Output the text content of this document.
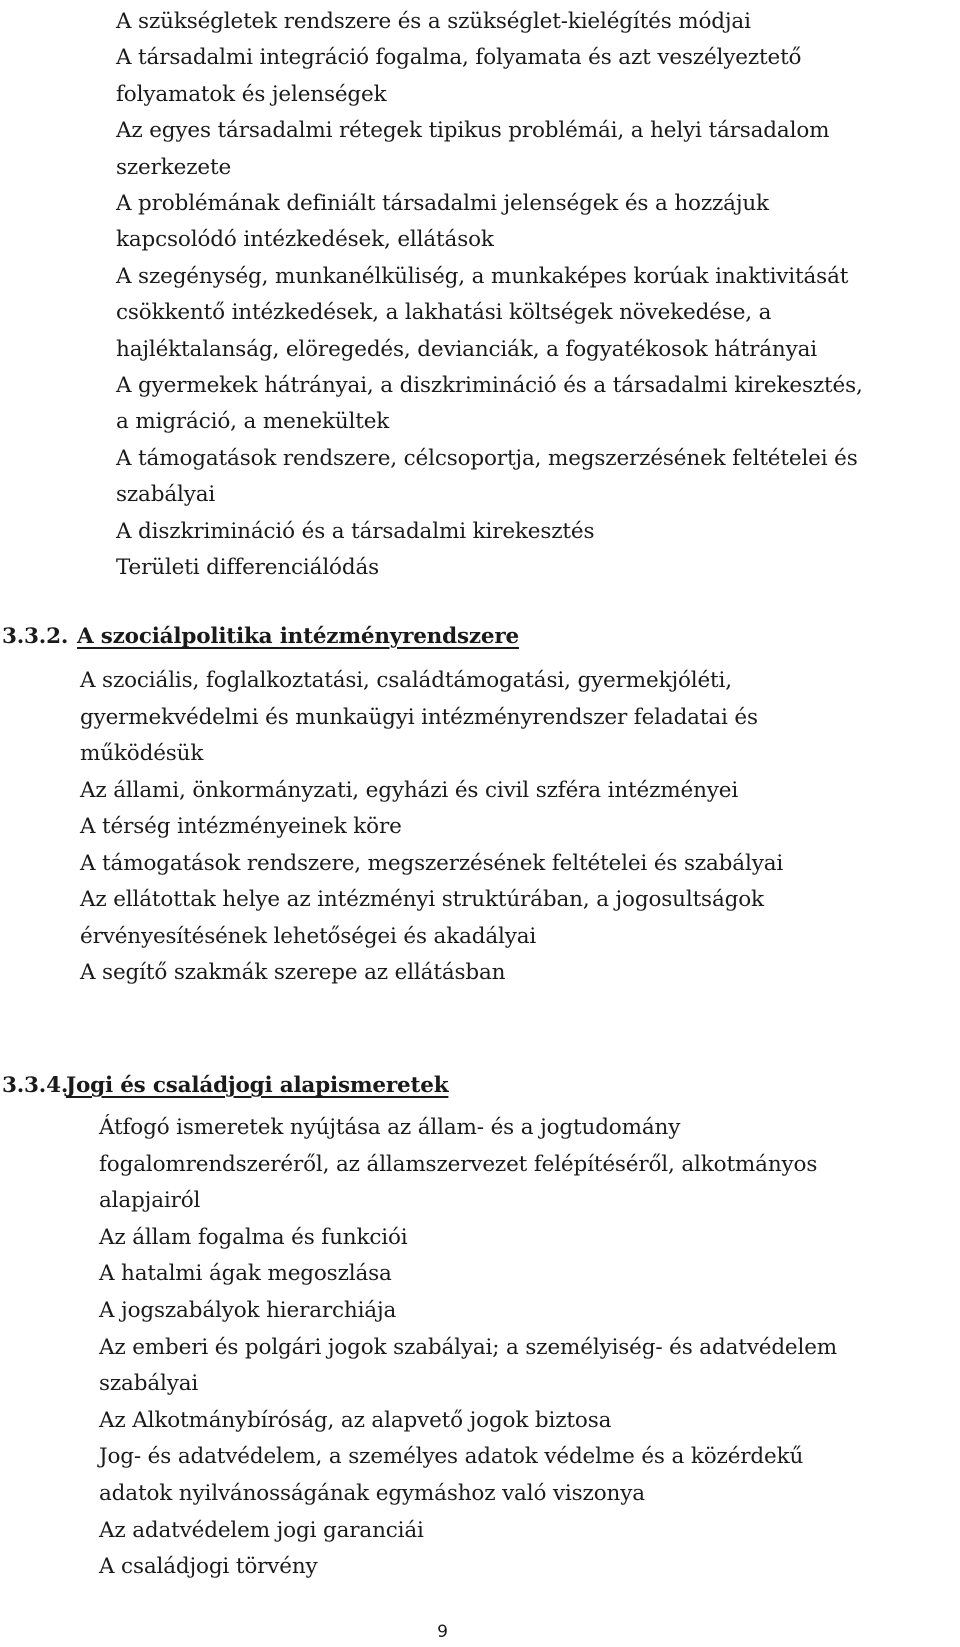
A szükségletek rendszere és a szükséglet-kielégítés módjai
A társadalmi integráció fogalma, folyamata és azt veszélyeztető
folyamatok és jelenségek
Az egyes társadalmi rétegek tipikus problémái, a helyi társadalom
szerkezete
A problémának definiált társadalmi jelenségek és a hozzájuk
kapcsolódó intézkedések, ellátások
A szegénység, munkanélküliség, a munkaképes korúak inaktivitását
csökkentő intézkedések, a lakhatási költségek növekedése, a
hajléktalanság, elöregedés, devianciák, a fogyatékosok hátrányai
A gyermekek hátrányai, a diszkrimináció és a társadalmi kirekesztés,
a migráció, a menekültek
A támogatások rendszere, célcsoportja, megszerzésének feltételei és
szabályai
A diszkrimináció és a társadalmi kirekesztés
Területi differenciálódás
3.3.2. A szociálpolitika intézményrendszere
A szociális, foglalkoztatási, családtámogatási, gyermekjóléti,
gyermekvédelmi és munkaügyi intézményrendszer feladatai és
működésük
Az állami, önkormányzati, egyházi és civil szféra intézményei
A térség intézményeinek köre
A támogatások rendszere, megszerzésének feltételei és szabályai
Az ellátottak helye az intézményi struktúrában, a jogosultságok
érvényesítésének lehetőségei és akadályai
A segítő szakmák szerepe az ellátásban
3.3.4.Jogi és családjogi alapismeretek
Átfogó ismeretek nyújtása az állam- és a jogtudomány
fogalomrendszeréről, az államszervezet felépítéséről, alkotmányos
alapjairól
Az állam fogalma és funkciói
A hatalmi ágak megoszlása
A jogszabályok hierarchiája
Az emberi és polgári jogok szabályai; a személyiség- és adatvédelem
szabályai
Az Alkotmánybíróság, az alapvető jogok biztosa
Jog- és adatvédelem, a személyes adatok védelme és a közérdekű
adatok nyilvánosságának egymáshoz való viszonya
Az adatvédelem jogi garanciái
A családjogi törvény
9
